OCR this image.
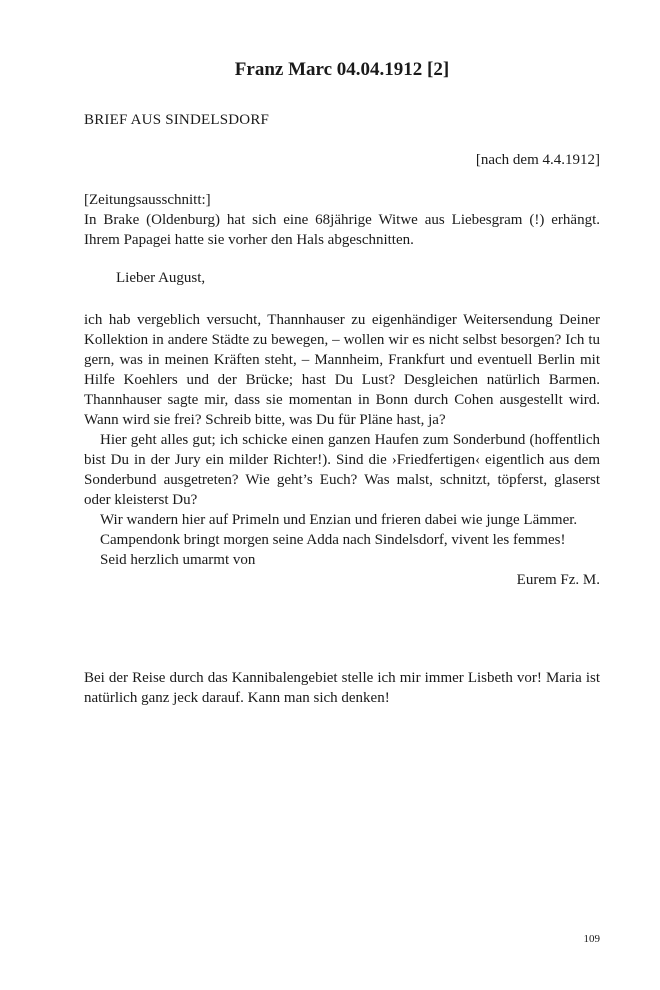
Franz Marc 04.04.1912 [2]

BRIEF AUS SINDELSDORF

[nach dem 4.4.1912]

[Zeitungsausschnitt:]

In Brake (Oldenburg) hat sich eine 68jährige Witwe aus Liebesgram (!) erhängt. Ihrem Papagei hatte sie vorher den Hals abgeschnitten.

Lieber August,

ich hab vergeblich versucht, Thannhauser zu eigenhändiger Weitersendung Deiner Kollektion in andere Städte zu bewegen, – wollen wir es nicht selbst besorgen? Ich tu gern, was in meinen Kräften steht, – Mannheim, Frankfurt und eventuell Berlin mit Hilfe Koehlers und der Brücke; hast Du Lust? Desgleichen natürlich Barmen. Thannhauser sagte mir, dass sie momentan in Bonn durch Cohen ausgestellt wird. Wann wird sie frei? Schreib bitte, was Du für Pläne hast, ja?

Hier geht alles gut; ich schicke einen ganzen Haufen zum Sonderbund (hoffentlich bist Du in der Jury ein milder Richter!). Sind die ›Friedfertigen‹ eigentlich aus dem Sonderbund ausgetreten? Wie geht’s Euch? Was malst, schnitzt, töpferst, glaserst oder kleisterst Du?

Wir wandern hier auf Primeln und Enzian und frieren dabei wie junge Lämmer.

Campendonk bringt morgen seine Adda nach Sindelsdorf, vivent les femmes!

Seid herzlich umarmt von

Eurem Fz. M.

Bei der Reise durch das Kannibalengebiet stelle ich mir immer Lisbeth vor! Maria ist natürlich ganz jeck darauf. Kann man sich denken!

109
